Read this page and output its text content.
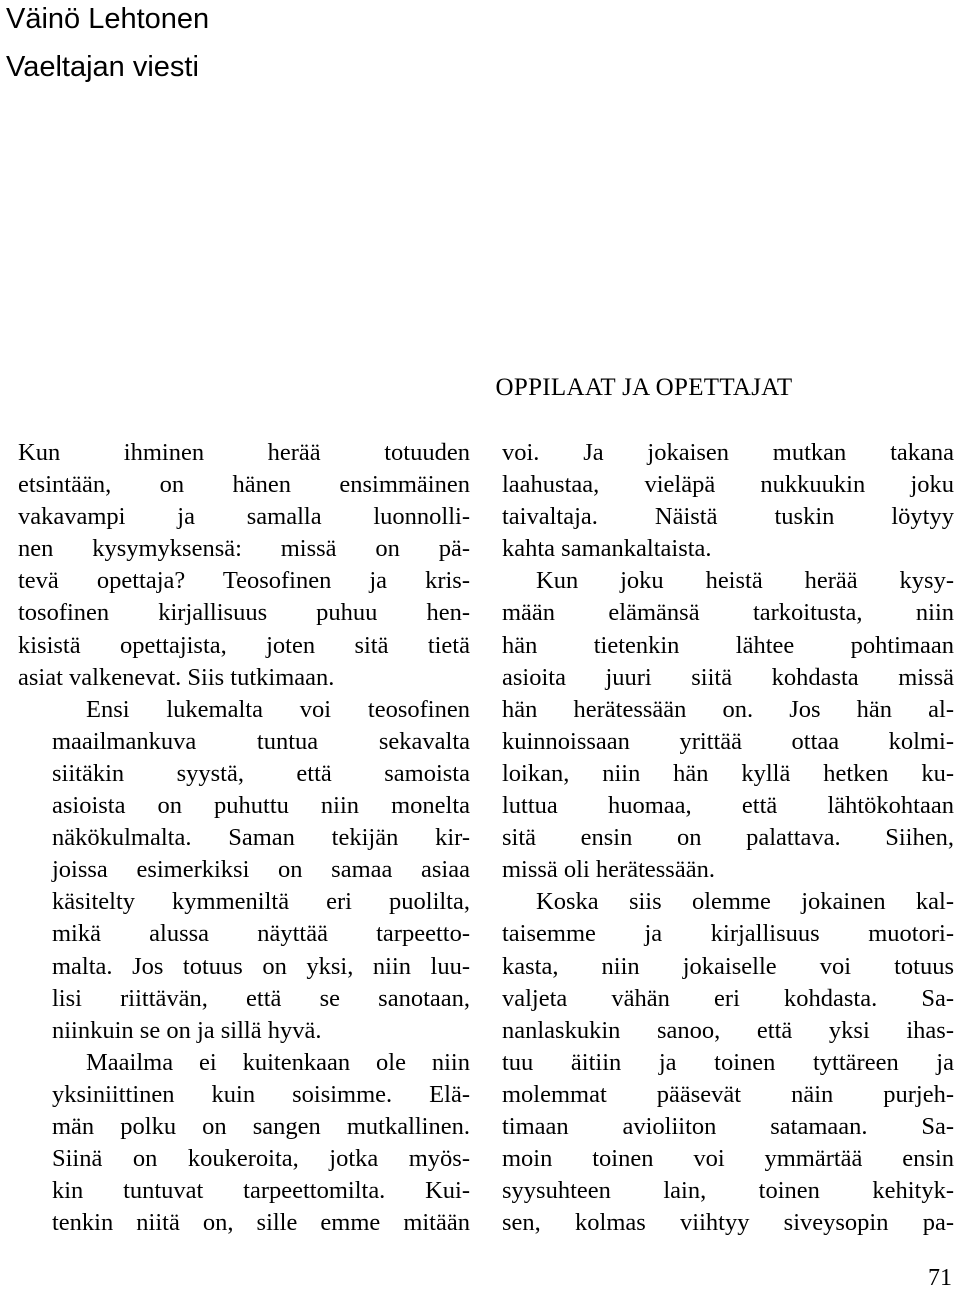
Väinö Lehtonen
Vaeltajan viesti
OPPILAAT JA OPETTAJAT

Kun ihminen herää totuuden
etsintään, on hänen ensimmäinen
vakavampi ja samalla luonnolli-
nen kysymyksensä: missä on pä-
tevä opettaja? Teosofinen ja kris-
tosofinen kirjallisuus puhuu hen-
kisistä opettajista, joten sitä tietä
asiat valkenevat. Siis tutkimaan.

Ensi lukemalta voi teosofinen
maailmankuva tuntua sekavalta
siitäkin syystä, että samoista
asioista on puhuttu niin monelta
näkökulmalta. Saman tekijän kir-
joissa esimerkiksi on samaa asiaa
käsitelty kymmeniltä eri puolilta,
mikä alussa näyttää tarpeetto-
malta. Jos totuus on yksi, niin luu-
lisi riittävän, että se sanotaan,
niinkuin se on ja sillä hyvä.

Maailma ei kuitenkaan ole niin
yksiniittinen kuin soisimme. Elä-
män polku on sangen mutkallinen.
Siinä on koukeroita, jotka myös-
kin tuntuvat tarpeettomilta. Kui-
tenkin niitä on, sille emme mitään

voi. Ja jokaisen mutkan takana
laahustaa, vieläpä nukkuukin joku
taivaltaja. Näistä tuskin löytyy
kahta samankaltaista.

Kun joku heistä herää kysy-
mään elämänsä tarkoitusta, niin
hän tietenkin lähtee pohtimaan
asioita juuri siitä kohdasta missä
hän herätessään on. Jos hän al-
kuinnoissaan yrittää ottaa kolmi-
loikan, niin hän kyllä hetken ku-
luttua huomaa, että lähtökohtaan
sitä ensin on palattava. Siihen,
missä oli herätessään.

Koska siis olemme jokainen kal-
taisemme ja kirjallisuus muotori-
kasta, niin jokaiselle voi totuus
valjeta vähän eri kohdasta. Sa-
nanlaskukin sanoo, että yksi ihas-
tuu äitiin ja toinen tyttäreen ja
molemmat pääsevät näin purjeh-
timaan avioliiton satamaan. Sa-
moin toinen voi ymmärtää ensin
syysuhteen lain, toinen kehityk-
sen, kolmas viihtyy siveysopin pa-

71
